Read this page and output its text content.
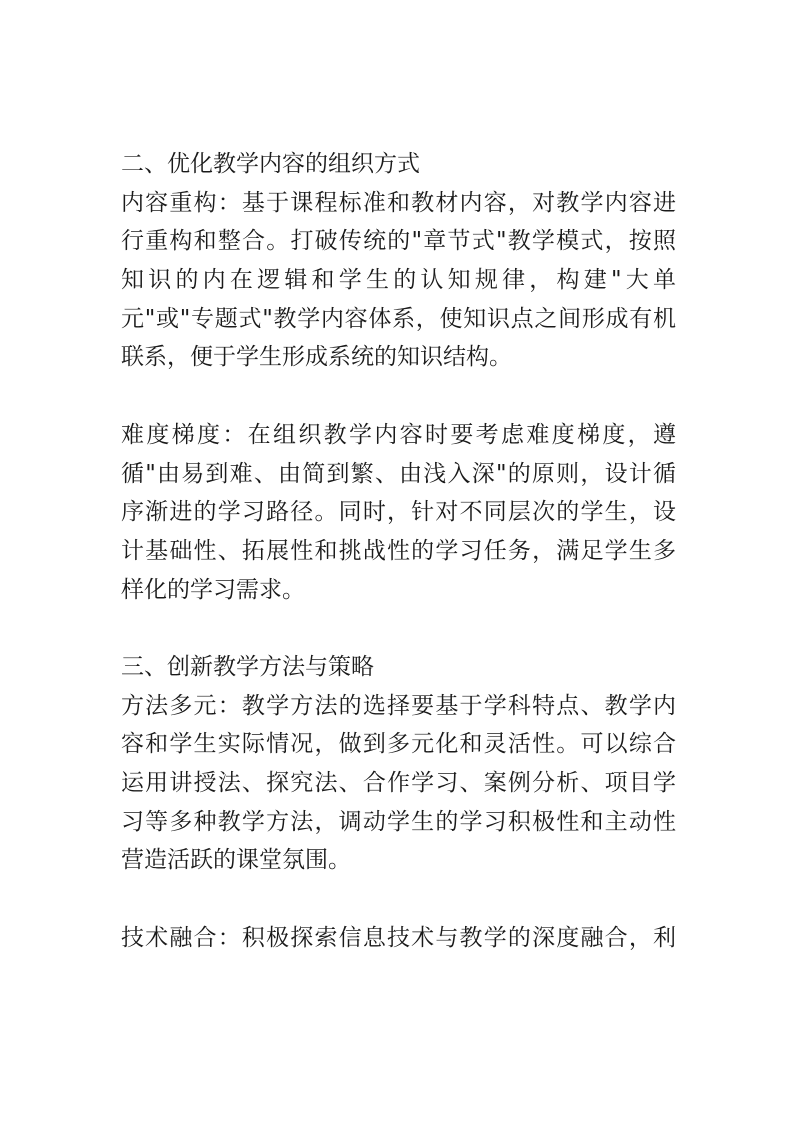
二、优化教学内容的组织方式
内容重构：基于课程标准和教材内容，对教学内容进
行重构和整合。打破传统的"章节式"教学模式，按照
知识的内在逻辑和学生的认知规律，构建"大单
元"或"专题式"教学内容体系，使知识点之间形成有机
联系，便于学生形成系统的知识结构。
难度梯度：在组织教学内容时要考虑难度梯度，遵
循"由易到难、由简到繁、由浅入深"的原则，设计循
序渐进的学习路径。同时，针对不同层次的学生，设
计基础性、拓展性和挑战性的学习任务，满足学生多
样化的学习需求。
三、创新教学方法与策略
方法多元：教学方法的选择要基于学科特点、教学内
容和学生实际情况，做到多元化和灵活性。可以综合
运用讲授法、探究法、合作学习、案例分析、项目学
习等多种教学方法，调动学生的学习积极性和主动性
营造活跃的课堂氛围。
技术融合：积极探索信息技术与教学的深度融合，利
